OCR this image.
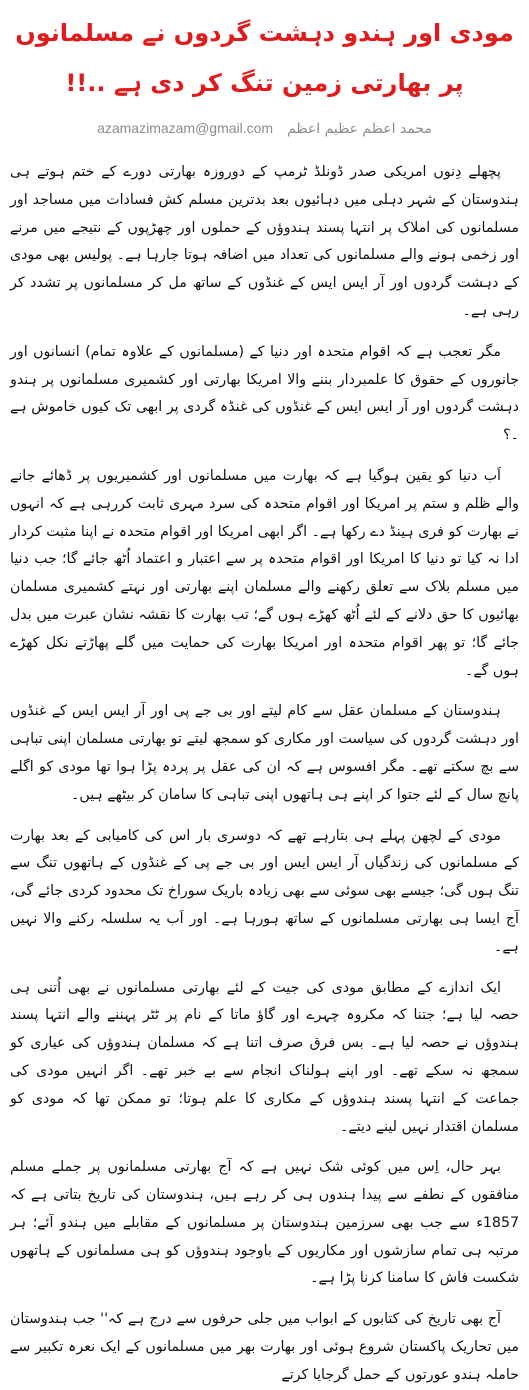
مودی اور ہندو دہشت گردوں نے مسلمانوں پر بھارتی زمین تنگ کر دی ہے ..!!
azamazimazam@gmail.com محمد اعظم عظیم اعظم

پچھلے دِنوں امریکی صدر ڈونلڈ ٹرمپ کے دوروزہ بھارتی دورے کے ختم ہوتے ہی ہندوستان کے شہر دہلی میں دہائیوں بعد بدترین مسلم کش فسادات میں مساجد اور مسلمانوں کی املاک پر انتہا پسند ہندوؤں کے حملوں اور چھڑپوں کے نتیجے میں مرنے اور زخمی ہونے والے مسلمانوں کی تعداد میں اضافہ ہوتا جارہا ہے۔ پولیس بھی مودی کے دہشت گردوں اور آر ایس ایس کے غنڈوں کے ساتھ مل کر مسلمانوں پر تشدد کر رہی ہے۔

مگر تعجب ہے کہ اقوام متحدہ اور دنیا کے (مسلمانوں کے علاوہ تمام) انسانوں اور جانوروں کے حقوق کا علمبردار بننے والا امریکا بھارتی اور کشمیری مسلمانوں پر ہندو دہشت گردوں اور آر ایس ایس کے غنڈوں کی غنڈہ گردی پر ابھی تک کیوں خاموش ہے ۔؟

اَب دنیا کو یقین ہوگیا ہے کہ بھارت میں مسلمانوں اور کشمیریوں پر ڈھائے جانے والے ظلم و ستم پر امریکا اور اقوام متحدہ کی سرد مہری ثابت کررہی ہے کہ انہوں نے بھارت کو فری ہینڈ دے رکھا ہے۔ اگر ابھی امریکا اور اقوام متحدہ نے اپنا مثبت کردار ادا نہ کیا تو دنیا کا امریکا اور اقوام متحدہ پر سے اعتبار و اعتماد اُٹھ جائے گا؛ جب دنیا میں مسلم بلاک سے تعلق رکھنے والے مسلمان اپنے بھارتی اور نہتے کشمیری مسلمان بھائیوں کا حق دلانے کے لئے اُٹھ کھڑے ہوں گے؛ تب بھارت کا نقشہ نشان عبرت میں بدل جائے گا؛ تو پھر اقوام متحدہ اور امریکا بھارت کی حمایت میں گلے پھاڑتے نکل کھڑے ہوں گے۔

ہندوستان کے مسلمان عقل سے کام لیتے اور بی جے پی اور آر ایس ایس کے غنڈوں اور دہشت گردوں کی سیاست اور مکاری کو سمجھ لیتے تو بھارتی مسلمان اپنی تباہی سے بچ سکتے تھے۔ مگر افسوس ہے کہ ان کی عقل پر پردہ پڑا ہوا تھا مودی کو اگلے پانچ سال کے لئے جتوا کر اپنے ہی ہاتھوں اپنی تباہی کا سامان کر بیٹھے ہیں۔

مودی کے لچھن پہلے ہی بتارہے تھے کہ دوسری بار اس کی کامیابی کے بعد بھارت کے مسلمانوں کی زندگیاں آر ایس ایس اور بی جے پی کے غنڈوں کے ہاتھوں تنگ سے تنگ ہوں گی؛ جیسے بھی سوئی سے بھی زیادہ باریک سوراخ تک محدود کردی جائے گی، آج ایسا ہی بھارتی مسلمانوں کے ساتھ ہورہا ہے۔ اور اَب یہ سلسلہ رکنے والا نہیں ہے۔

ایک اندازے کے مطابق مودی کی جیت کے لئے بھارتی مسلمانوں نے بھی اُتنی ہی حصہ لیا ہے؛ جتنا کہ مکروہ چہرے اور گاؤ ماتا کے نام پر ٹٹر پہننے والے انتہا پسند ہندوؤں نے حصہ لیا ہے۔ بس فرق صرف اتنا ہے کہ مسلمان ہندوؤں کی عیاری کو سمجھ نہ سکے تھے۔ اور اپنے ہولناک انجام سے بے خبر تھے۔ اگر انہیں مودی کی جماعت کے انتہا پسند ہندوؤں کے مکاری کا علم ہوتا؛ تو ممکن تھا کہ مودی کو مسلمان اقتدار نہیں لینے دیتے۔

بہر حال، اِس میں کوئی شک نہیں ہے کہ آج بھارتی مسلمانوں پر جملے مسلم منافقوں کے نطفے سے پیدا ہندوں ہی کر رہے ہیں، ہندوستان کی تاریخ بتاتی ہے کہ 1857ء سے جب بھی سرزمین ہندوستان پر مسلمانوں کے مقابلے میں ہندو آئے؛ ہر مرتبہ ہی تمام سازشوں اور مکاریوں کے باوجود ہندوؤں کو ہی مسلمانوں کے ہاتھوں شکست فاش کا سامنا کرنا پڑا ہے۔

آج بھی تاریخ کی کتابوں کے ابواب میں جلی حرفوں سے درج ہے کہ'' جب ہندوستان میں تحاریک پاکستان شروع ہوئی اور بھارت بھر میں مسلمانوں کے ایک نعرہ تکبیر سے حاملہ ہندو عورتوں کے حمل گرجایا کرتے
